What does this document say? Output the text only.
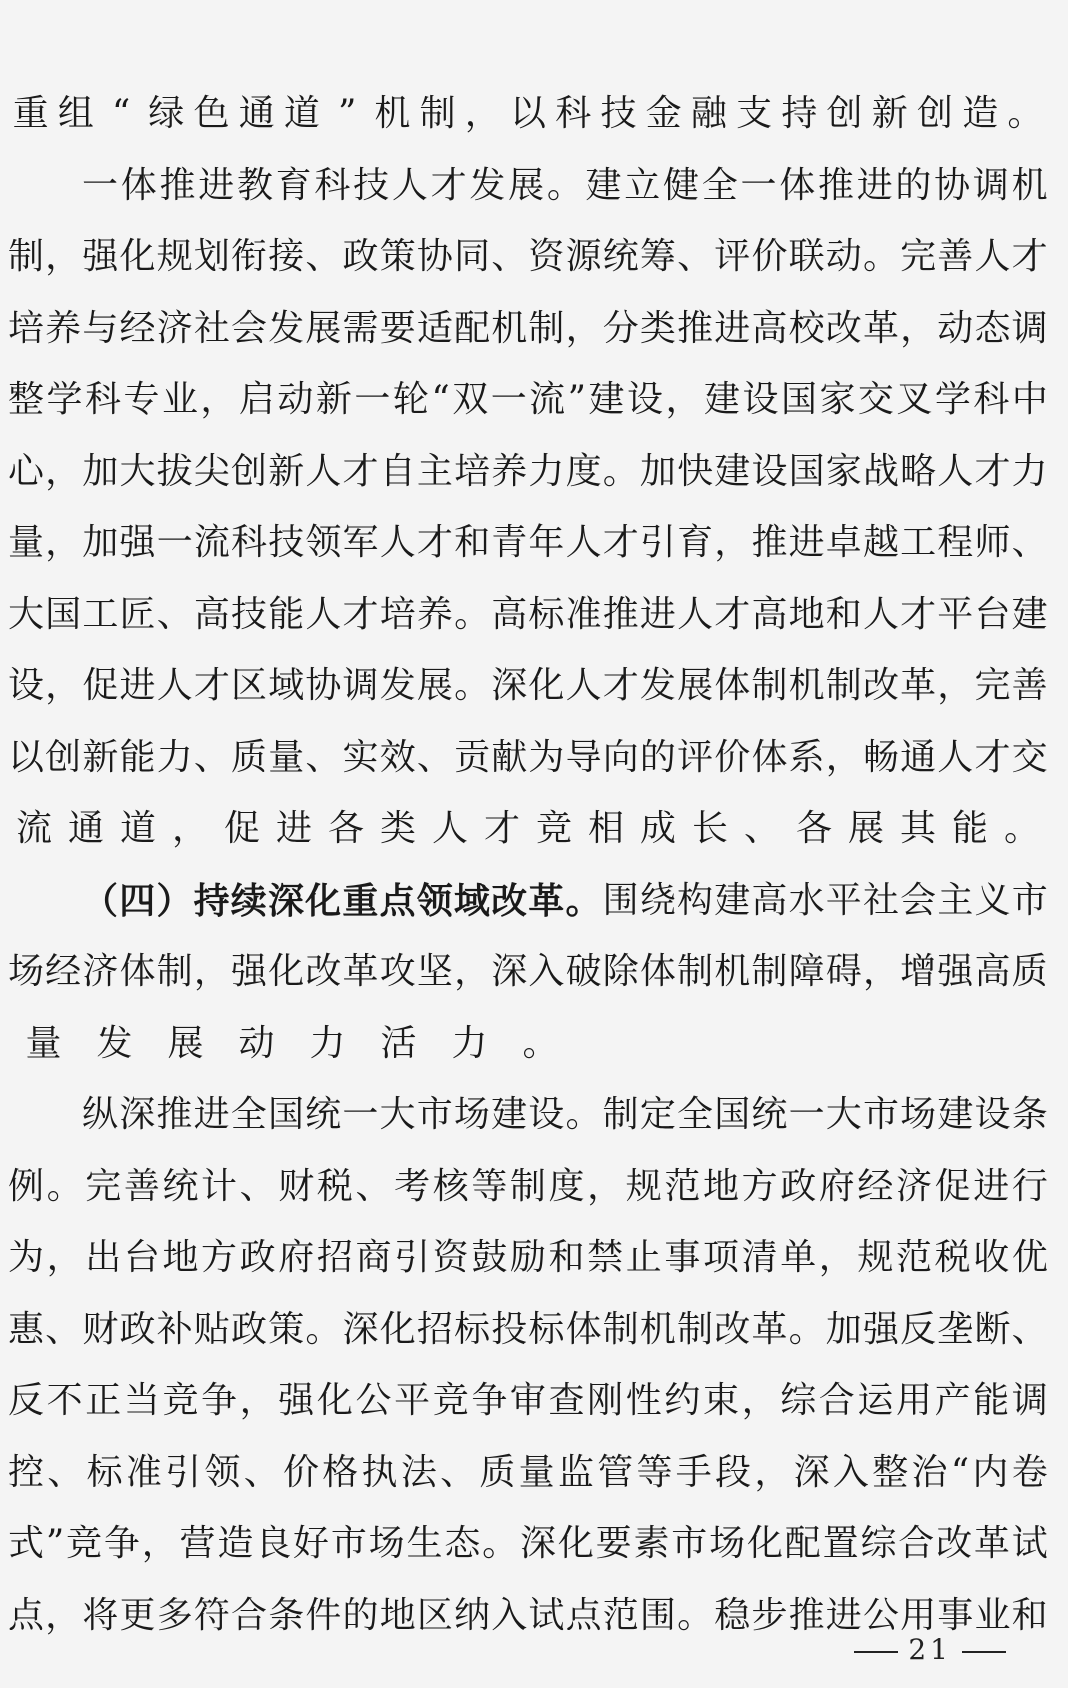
重 组 “ 绿 色 通 道 ” 机 制 ， 以 科 技 金 融 支 持 创 新 创 造 。
一 体 推 进 教 育 科 技 人 才 发 展 。 建 立 健 全 一 体 推 进 的 协 调 机
制 ， 强 化 规 划 衔 接 、 政 策 协 同 、 资 源 统 筹 、 评 价 联 动 。 完 善 人 才
培 养 与 经 济 社 会 发 展 需 要 适 配 机 制 ， 分 类 推 进 高 校 改 革 ， 动 态 调
整 学 科 专 业 ， 启 动 新 一 轮 “ 双 一 流 ” 建 设 ， 建 设 国 家 交 叉 学 科 中
心 ， 加 大 拔 尖 创 新 人 才 自 主 培 养 力 度 。 加 快 建 设 国 家 战 略 人 才 力
量 ， 加 强 一 流 科 技 领 军 人 才 和 青 年 人 才 引 育 ， 推 进 卓 越 工 程 师 、
大 国 工 匠 、 高 技 能 人 才 培 养 。 高 标 准 推 进 人 才 高 地 和 人 才 平 台 建
设 ， 促 进 人 才 区 域 协 调 发 展 。 深 化 人 才 发 展 体 制 机 制 改 革 ， 完 善
以 创 新 能 力 、 质 量 、 实 效 、 贡 献 为 导 向 的 评 价 体 系 ， 畅 通 人 才 交
流 通 道 ， 促 进 各 类 人 才 竞 相 成 长 、 各 展 其 能 。
（ 四 ） 持 续 深 化 重 点 领 域 改 革 。 围 绕 构 建 高 水 平 社 会 主 义 市
场 经 济 体 制 ， 强 化 改 革 攻 坚 ， 深 入 破 除 体 制 机 制 障 碍 ， 增 强 高 质
量 发 展 动 力 活 力 。
纵 深 推 进 全 国 统 一 大 市 场 建 设 。 制 定 全 国 统 一 大 市 场 建 设 条
例 。 完 善 统 计 、 财 税 、 考 核 等 制 度 ， 规 范 地 方 政 府 经 济 促 进 行
为 ， 出 台 地 方 政 府 招 商 引 资 鼓 励 和 禁 止 事 项 清 单 ， 规 范 税 收 优
惠 、 财 政 补 贴 政 策 。 深 化 招 标 投 标 体 制 机 制 改 革 。 加 强 反 垄 断 、
反 不 正 当 竞 争 ， 强 化 公 平 竞 争 审 查 刚 性 约 束 ， 综 合 运 用 产 能 调
控 、 标 准 引 领 、 价 格 执 法 、 质 量 监 管 等 手 段 ， 深 入 整 治 “ 内 卷
式 ” 竞 争 ， 营 造 良 好 市 场 生 态 。 深 化 要 素 市 场 化 配 置 综 合 改 革 试
点 ， 将 更 多 符 合 条 件 的 地 区 纳 入 试 点 范 围 。 稳 步 推 进 公 用 事 业 和
21
